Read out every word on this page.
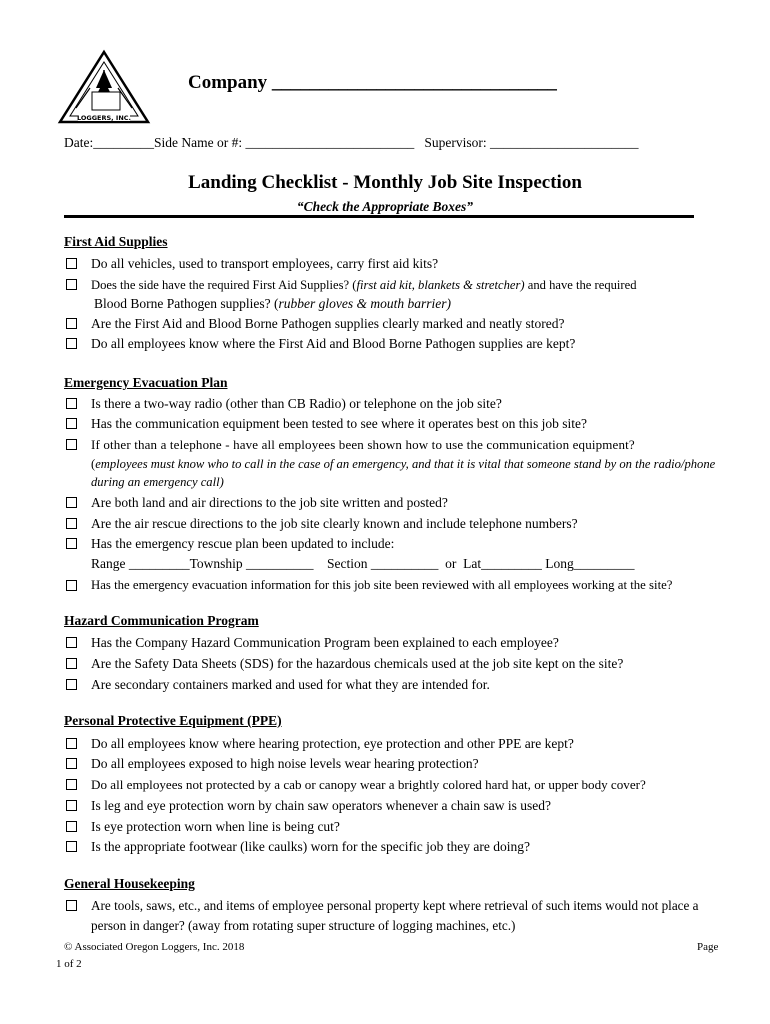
LOGGERS, INC.
Company ______________________________
Date:_________Side Name or #: _________________________   Supervisor: ______________________
Landing Checklist - Monthly Job Site Inspection
“Check the Appropriate Boxes”
First Aid Supplies
Do all vehicles, used to transport employees, carry first aid kits?
Does the side have the required First Aid Supplies? (first aid kit, blankets & stretcher) and have the required
Blood Borne Pathogen supplies? (rubber gloves & mouth barrier)
Are the First Aid and Blood Borne Pathogen supplies clearly marked and neatly stored?
Do all employees know where the First Aid and Blood Borne Pathogen supplies are kept?
Emergency Evacuation Plan
Is there a two-way radio (other than CB Radio) or telephone on the job site?
Has the communication equipment been tested to see where it operates best on this job site?
If other than a telephone - have all employees been shown how to use the communication equipment?
(employees must know who to call in the case of an emergency, and that it is vital that someone stand by on the radio/phone during an emergency call)
Are both land and air directions to the job site written and posted?
Are the air rescue directions to the job site clearly known and include telephone numbers?
Has the emergency rescue plan been updated to include:
Range _________Township __________    Section __________  or  Lat_________ Long_________
Has the emergency evacuation information for this job site been reviewed with all employees working at the site?
Hazard Communication Program
Has the Company Hazard Communication Program been explained to each employee?
Are the Safety Data Sheets (SDS) for the hazardous chemicals used at the job site kept on the site?
Are secondary containers marked and used for what they are intended for.
Personal Protective Equipment (PPE)
Do all employees know where hearing protection, eye protection and other PPE are kept?
Do all employees exposed to high noise levels wear hearing protection?
Do all employees not protected by a cab or canopy wear a brightly colored hard hat, or upper body cover?
Is leg and eye protection worn by chain saw operators whenever a chain saw is used?
Is eye protection worn when line is being cut?
Is the appropriate footwear (like caulks) worn for the specific job they are doing?
General Housekeeping
Are tools, saws, etc., and items of employee personal property kept where retrieval of such items would not place a person in danger? (away from rotating super structure of logging machines, etc.)
© Associated Oregon Loggers, Inc. 2018	Page
1 of 2
